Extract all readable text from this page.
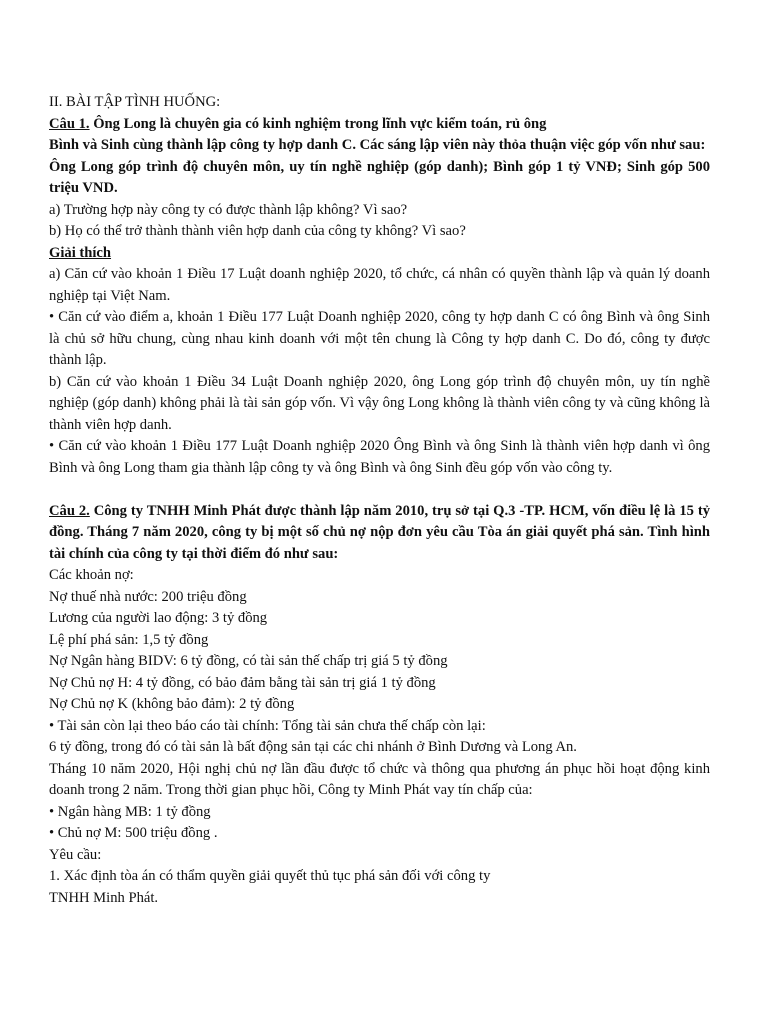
II. BÀI TẬP TÌNH HUỐNG:

Câu 1. Ông Long là chuyên gia có kinh nghiệm trong lĩnh vực kiểm toán, rủ ông

Bình và Sinh cùng thành lập công ty hợp danh C. Các sáng lập viên này thỏa thuận việc góp vốn như sau:

Ông Long góp trình độ chuyên môn, uy tín nghề nghiệp (góp danh); Bình góp 1 tỷ VNĐ; Sinh góp 500 triệu VND.

a) Trường hợp này công ty có được thành lập không? Vì sao?

b) Họ có thể trở thành thành viên hợp danh của công ty không? Vì sao?

Giải thích

a) Căn cứ vào khoản 1 Điều 17 Luật doanh nghiệp 2020, tổ chức, cá nhân có quyền thành lập và quản lý doanh nghiệp tại Việt Nam.

• Căn cứ vào điểm a, khoản 1 Điều 177 Luật Doanh nghiệp 2020, công ty hợp danh C có ông Bình và ông Sinh là chủ sở hữu chung, cùng nhau kinh doanh với một tên chung là Công ty hợp danh C. Do đó, công ty được thành lập.

b) Căn cứ vào khoản 1 Điều 34 Luật Doanh nghiệp 2020, ông Long góp trình độ chuyên môn, uy tín nghề nghiệp (góp danh) không phải là tài sản góp vốn. Vì vậy ông Long không là thành viên công ty và cũng không là thành viên hợp danh.

• Căn cứ vào khoản 1 Điều 177 Luật Doanh nghiệp 2020 Ông Bình và ông Sinh là thành viên hợp danh vì ông Bình và ông Long tham gia thành lập công ty và ông Bình và ông Sinh đều góp vốn vào công ty.

Câu 2. Công ty TNHH Minh Phát được thành lập năm 2010, trụ sở tại Q.3 -TP. HCM, vốn điều lệ là 15 tỷ đồng. Tháng 7 năm 2020, công ty bị một số chủ nợ nộp đơn yêu cầu Tòa án giải quyết phá sản. Tình hình tài chính của công ty tại thời điểm đó như sau:

Các khoản nợ:

Nợ thuế nhà nước: 200 triệu đồng

Lương của người lao động: 3 tỷ đồng

Lệ phí phá sản: 1,5 tỷ đồng

Nợ Ngân hàng BIDV: 6 tỷ đồng, có tài sản thế chấp trị giá 5 tỷ đồng

Nợ Chủ nợ H: 4 tỷ đồng, có bảo đảm bằng tài sản trị giá 1 tỷ đồng

Nợ Chủ nợ K (không bảo đảm): 2 tỷ đồng

• Tài sản còn lại theo báo cáo tài chính: Tổng tài sản chưa thế chấp còn lại:

6 tỷ đồng, trong đó có tài sản là bất động sản tại các chi nhánh ở Bình Dương và Long An.

Tháng 10 năm 2020, Hội nghị chủ nợ lần đầu được tổ chức và thông qua phương án phục hồi hoạt động kinh doanh trong 2 năm. Trong thời gian phục hồi, Công ty Minh Phát vay tín chấp của:

• Ngân hàng MB: 1 tỷ đồng

• Chủ nợ M: 500 triệu đồng .

Yêu cầu:

1. Xác định tòa án có thẩm quyền giải quyết thủ tục phá sản đối với công ty

TNHH Minh Phát.
